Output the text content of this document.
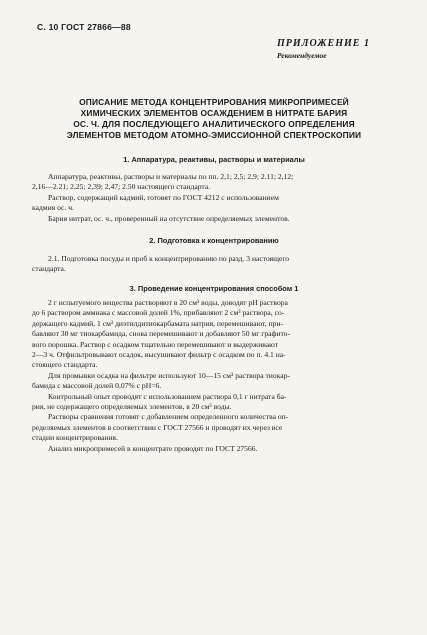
С. 10 ГОСТ 27866—88
ПРИЛОЖЕНИЕ 1
Рекомендуемое
ОПИСАНИЕ МЕТОДА КОНЦЕНТРИРОВАНИЯ МИКРОПРИМЕСЕЙ
ХИМИЧЕСКИХ ЭЛЕМЕНТОВ ОСАЖДЕНИЕМ В НИТРАТЕ БАРИЯ
ОС. Ч. ДЛЯ ПОСЛЕДУЮЩЕГО АНАЛИТИЧЕСКОГО ОПРЕДЕЛЕНИЯ
ЭЛЕМЕНТОВ МЕТОДОМ АТОМНО-ЭМИССИОННОЙ СПЕКТРОСКОПИИ
1. Аппаратура, реактивы, растворы и материалы

Аппаратура, реактивы, растворы и материалы по пп. 2,1; 2,5; 2,9; 2.11; 2,12;

2,16—2.21; 2,25; 2,39; 2,47; 2.50 настоящего стандарта.

Раствор, содержащий кадмий, готовят по ГОСТ 4212 с использованием

кадмия ос. ч.

Бария нитрат, ос. ч., проверенный на отсутствие определяемых элементов.

2. Подготовка к концентрированию

2.1. Подготовка посуды и проб к концентрированию по разд. 3 настоящего

стандарта.

3. Проведение концентрирования способом 1

2 г испытуемого вещества растворяют в 20 см³ воды, доводят pH раствора

до 6 раствором аммиака с массовой долей 1%, прибавляют 2 см³ раствора, со-

держащего кадмий, 1 см³ диэтилдитиокарбамата натрия, перемешивают, при-

бавляют 30 мг тиокарбамида, снова перемешивают и добавляют 50 мг графито-

вого порошка. Раствор с осадком тщательно перемешивают и выдерживают

2—3 ч. Отфильтровывают осадок, высушивают фильтр с осадком по п. 4.1 на-

стоящего стандарта.

Для промывки осадка на фильтре используют 10—15 см³ раствора тиокар-

бамида с массовой долей 0,07% с pH=6.

Контрольный опыт проводят с использованием раствора 0,1 г нитрата ба-

рия, не содержащего определяемых элементов, в 20 см³ воды.

Растворы сравнения готовят с добавлением определенного количества оп-

ределяемых элементов в соответствии с ГОСТ 27566 и проводят их через все

стадии концентрирования.

Анализ микропримесей в концентрате проводят по ГОСТ 27566.
